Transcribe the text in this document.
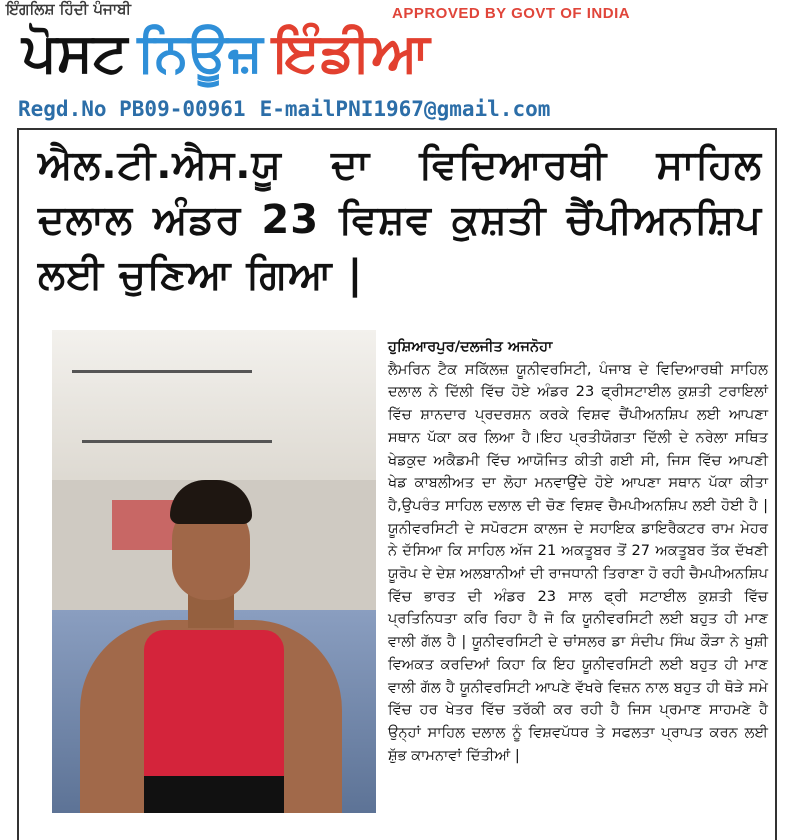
ਇੰਗਲਿਸ਼ ਹਿੰਦੀ ਪੰਜਾਬੀ	APPROVED BY GOVT OF INDIA
ਪੋਸਟ ਨਿਊਜ਼ ਇੰਡੀਆ
Regd.No PB09-00961 E-mailPNI1967@gmail.com
ਐਲ.ਟੀ.ਐਸ.ਯੂ ਦਾ ਵਿਦਿਆਰਥੀ ਸਾਹਿਲ ਦਲਾਲ ਅੰਡਰ 23 ਵਿਸ਼ਵ ਕੁਸ਼ਤੀ ਚੈਂਪੀਅਨਸ਼ਿਪ ਲਈ ਚੁਣਿਆ ਗਿਆ |
ਹੁਸ਼ਿਆਰਪੁਰ/ਦਲਜੀਤ ਅਜਨੋਹਾ
ਲੈਮਰਿਨ ਟੈਕ ਸਕਿੱਲਜ਼ ਯੂਨੀਵਰਸਿਟੀ, ਪੰਜਾਬ ਦੇ ਵਿਦਿਆਰਥੀ ਸਾਹਿਲ ਦਲਾਲ ਨੇ ਦਿੱਲੀ ਵਿੱਚ ਹੋਏ ਅੰਡਰ 23 ਫ੍ਰੀਸਟਾਈਲ ਕੁਸ਼ਤੀ ਟਰਾਇਲਾਂ ਵਿੱਚ ਸ਼ਾਨਦਾਰ ਪ੍ਰਦਰਸ਼ਨ ਕਰਕੇ ਵਿਸ਼ਵ ਚੈਂਪੀਅਨਸ਼ਿਪ ਲਈ ਆਪਣਾ ਸਥਾਨ ਪੱਕਾ ਕਰ ਲਿਆ ਹੈ।ਇਹ ਪ੍ਰਤੀਯੋਗਤਾ ਦਿੱਲੀ ਦੇ ਨਰੇਲਾ ਸਥਿਤ ਖੇਡਕੁਦ ਅਕੈਡਮੀ ਵਿੱਚ ਆਯੋਜਿਤ ਕੀਤੀ ਗਈ ਸੀ, ਜਿਸ ਵਿੱਚ ਆਪਣੀ ਖੇਡ ਕਾਬਲੀਅਤ ਦਾ ਲੋਹਾ ਮਨਵਾਉਂਦੇ ਹੋਏ ਆਪਣਾ ਸਥਾਨ ਪੱਕਾ ਕੀਤਾ ਹੈ,ਉਪਰੰਤ ਸਾਹਿਲ ਦਲਾਲ ਦੀ ਚੋਣ ਵਿਸ਼ਵ ਚੈਮਪੀਅਨਸ਼ਿਪ ਲਈ ਹੋਈ ਹੈ | ਯੂਨੀਵਰਸਿਟੀ ਦੇ ਸਪੋਰਟਸ ਕਾਲਜ ਦੇ ਸਹਾਇਕ ਡਾਇਰੈਕਟਰ ਰਾਮ ਮੇਹਰ ਨੇ ਦੱਸਿਆ ਕਿ ਸਾਹਿਲ ਅੱਜ 21 ਅਕਤੂਬਰ ਤੋਂ 27 ਅਕਤੂਬਰ ਤੱਕ ਦੱਖਣੀ ਯੂਰੋਪ ਦੇ ਦੇਸ਼ ਅਲਬਾਨੀਆਂ ਦੀ ਰਾਜਧਾਨੀ ਤਿਰਾਣਾ ਹੋ ਰਹੀ ਚੈਮਪੀਅਨਸ਼ਿਪ ਵਿੱਚ ਭਾਰਤ ਦੀ ਅੰਡਰ 23 ਸਾਲ ਫ੍ਰੀ ਸਟਾਈਲ ਕੁਸ਼ਤੀ ਵਿੱਚ ਪ੍ਰਤਿਨਿਧਤਾ ਕਰਿ ਰਿਹਾ ਹੈ ਜੋ ਕਿ ਯੂਨੀਵਰਸਿਟੀ ਲਈ ਬਹੁਤ ਹੀ ਮਾਣ ਵਾਲੀ ਗੱਲ ਹੈ | ਯੂਨੀਵਰਸਿਟੀ ਦੇ ਚਾਂਸਲਰ ਡਾ ਸੰਦੀਪ ਸਿੰਘ ਕੌੜਾ ਨੇ ਖੁਸ਼ੀ ਵਿਅਕਤ ਕਰਦਿਆਂ ਕਿਹਾ ਕਿ ਇਹ ਯੂਨੀਵਰਸਿਟੀ ਲਈ ਬਹੁਤ ਹੀ ਮਾਣ ਵਾਲੀ ਗੱਲ ਹੈ ਯੂਨੀਵਰਸਿਟੀ ਆਪਣੇ ਵੱਖਰੇ ਵਿਜ਼ਨ ਨਾਲ ਬਹੁਤ ਹੀ ਥੋੜੇ ਸਮੇ ਵਿੱਚ ਹਰ ਖੇਤਰ ਵਿੱਚ ਤਰੱਕੀ ਕਰ ਰਹੀ ਹੈ ਜਿਸ ਪ੍ਰਮਾਣ ਸਾਹਮਣੇ ਹੈ ਉਨ੍ਹਾਂ ਸਾਹਿਲ ਦਲਾਲ ਨੂੰ ਵਿਸ਼ਵਪੱਧਰ ਤੇ ਸਫਲਤਾ ਪ੍ਰਾਪਤ ਕਰਨ ਲਈ ਸ਼ੁੱਭ ਕਾਮਨਾਵਾਂ ਦਿੱਤੀਆਂ |
